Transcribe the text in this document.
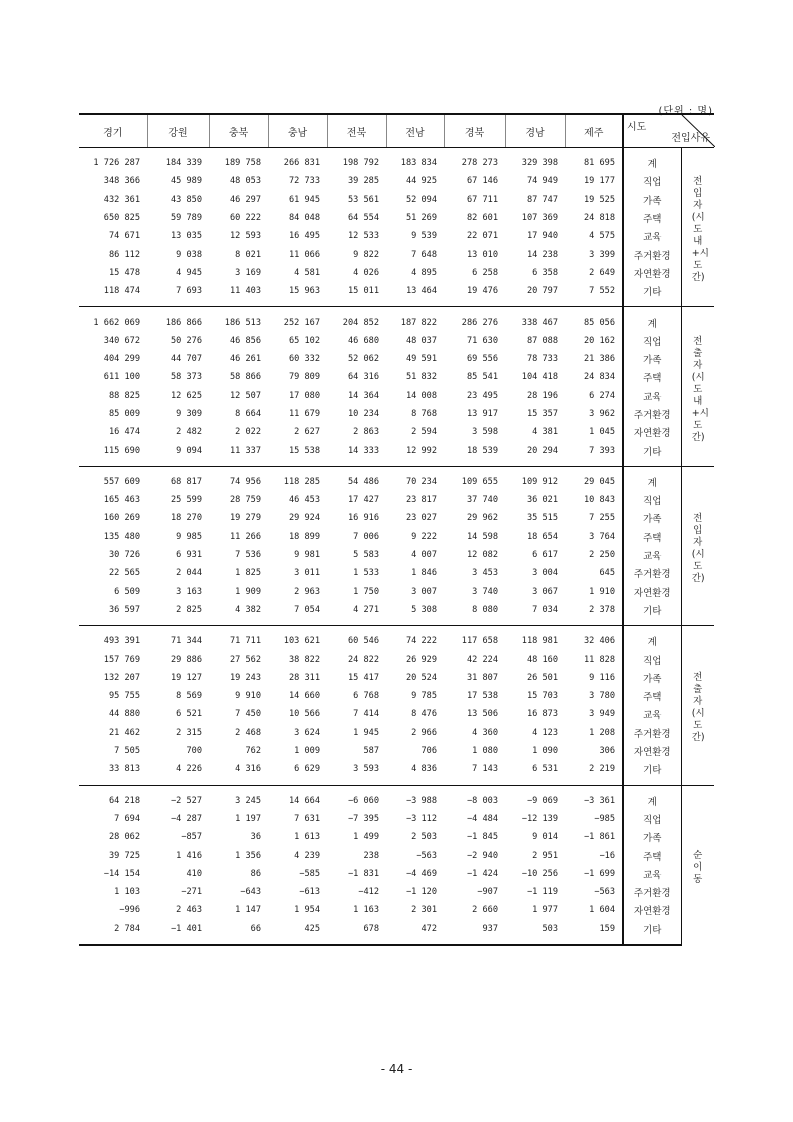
(단위 : 명)
경기	강원	충북	충남	전북	전남	경북	경남	제주	시도
전입사유	

1 726 287	184 339	189 758	266 831	198 792	183 834	278 273	329 398	81 695	계	전입자(시도내+시도간)

348 366	45 989	48 053	72 733	39 285	44 925	67 146	74 949	19 177	직업	
432 361	43 850	46 297	61 945	53 561	52 094	67 711	87 747	19 525	가족	
650 825	59 789	60 222	84 048	64 554	51 269	82 601	107 369	24 818	주택	
74 671	13 035	12 593	16 495	12 533	9 539	22 071	17 940	4 575	교육	
86 112	9 038	8 021	11 066	9 822	7 648	13 010	14 238	3 399	주거환경	
15 478	4 945	3 169	4 581	4 026	4 895	6 258	6 358	2 649	자연환경	
118 474	7 693	11 403	15 963	15 011	13 464	19 476	20 797	7 552	기타	
1 662 069	186 866	186 513	252 167	204 852	187 822	286 276	338 467	85 056	계	전출자(시도내+시도간)

340 672	50 276	46 856	65 102	46 680	48 037	71 630	87 088	20 162	직업	
404 299	44 707	46 261	60 332	52 062	49 591	69 556	78 733	21 386	가족	
611 100	58 373	58 866	79 809	64 316	51 832	85 541	104 418	24 834	주택	
88 825	12 625	12 507	17 080	14 364	14 008	23 495	28 196	6 274	교육	
85 009	9 309	8 664	11 679	10 234	8 768	13 917	15 357	3 962	주거환경	
16 474	2 482	2 022	2 627	2 863	2 594	3 598	4 381	1 045	자연환경	
115 690	9 094	11 337	15 538	14 333	12 992	18 539	20 294	7 393	기타	
557 609	68 817	74 956	118 285	54 486	70 234	109 655	109 912	29 045	계	전입자(시도간)

165 463	25 599	28 759	46 453	17 427	23 817	37 740	36 021	10 843	직업	
160 269	18 270	19 279	29 924	16 916	23 027	29 962	35 515	7 255	가족	
135 480	9 985	11 266	18 899	7 006	9 222	14 598	18 654	3 764	주택	
30 726	6 931	7 536	9 981	5 583	4 007	12 082	6 617	2 250	교육	
22 565	2 044	1 825	3 011	1 533	1 846	3 453	3 004	645	주거환경	
6 509	3 163	1 909	2 963	1 750	3 007	3 740	3 067	1 910	자연환경	
36 597	2 825	4 382	7 054	4 271	5 308	8 080	7 034	2 378	기타	
493 391	71 344	71 711	103 621	60 546	74 222	117 658	118 981	32 406	계	전출자(시도간)

157 769	29 886	27 562	38 822	24 822	26 929	42 224	48 160	11 828	직업	
132 207	19 127	19 243	28 311	15 417	20 524	31 807	26 501	9 116	가족	
95 755	8 569	9 910	14 660	6 768	9 785	17 538	15 703	3 780	주택	
44 880	6 521	7 450	10 566	7 414	8 476	13 506	16 873	3 949	교육	
21 462	2 315	2 468	3 624	1 945	2 966	4 360	4 123	1 208	주거환경	
7 505	700	762	1 009	587	706	1 080	1 090	306	자연환경	
33 813	4 226	4 316	6 629	3 593	4 836	7 143	6 531	2 219	기타	
64 218	−2 527	3 245	14 664	−6 060	−3 988	−8 003	−9 069	−3 361	계	순이동

7 694	−4 287	1 197	7 631	−7 395	−3 112	−4 484	−12 139	−985	직업	
28 062	−857	36	1 613	1 499	2 503	−1 845	9 014	−1 861	가족	
39 725	1 416	1 356	4 239	238	−563	−2 940	2 951	−16	주택	
−14 154	410	86	−585	−1 831	−4 469	−1 424	−10 256	−1 699	교육	
1 103	−271	−643	−613	−412	−1 120	−907	−1 119	−563	주거환경	
−996	2 463	1 147	1 954	1 163	2 301	2 660	1 977	1 604	자연환경	
2 784	−1 401	66	425	678	472	937	503	159	기타	
- 44 -
